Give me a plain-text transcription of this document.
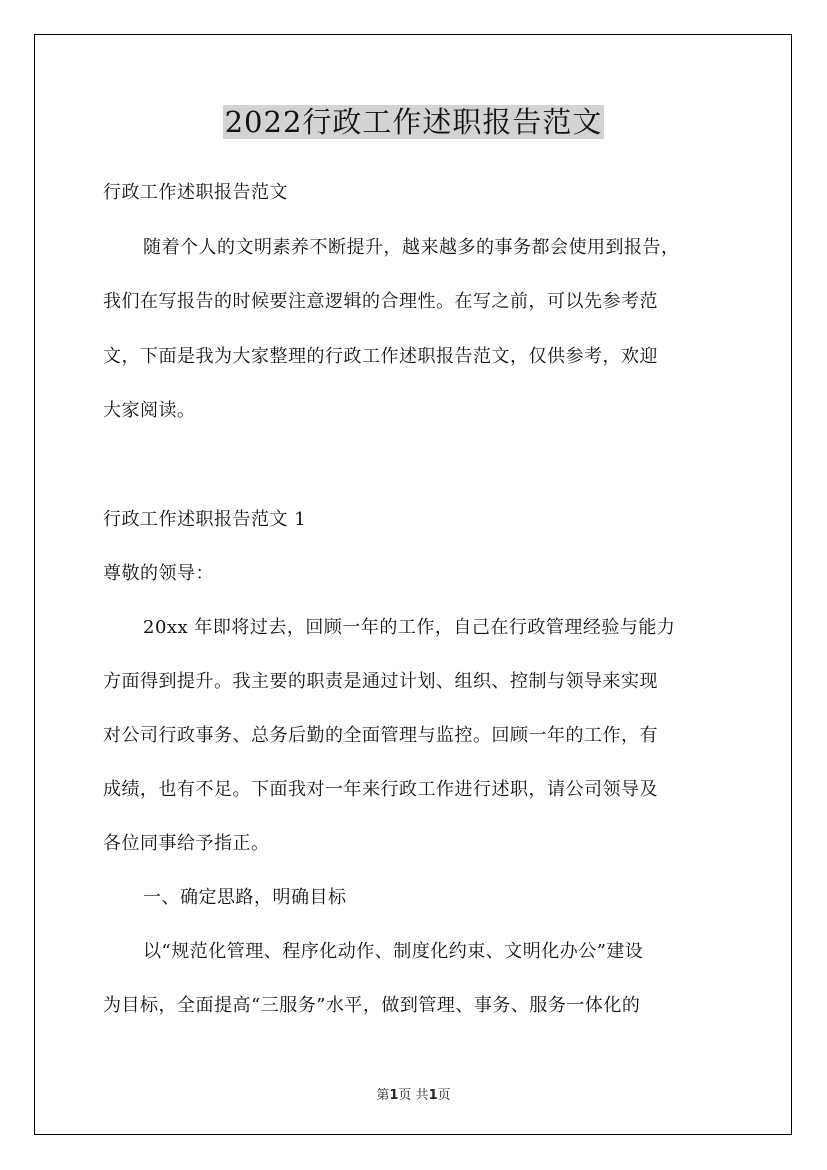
2022行政工作述职报告范文
行政工作述职报告范文
随着个人的文明素养不断提升，越来越多的事务都会使用到报告，
我们在写报告的时候要注意逻辑的合理性。在写之前，可以先参考范
文，下面是我为大家整理的行政工作述职报告范文，仅供参考，欢迎
大家阅读。
行政工作述职报告范文 1
尊敬的领导：
20xx 年即将过去，回顾一年的工作，自己在行政管理经验与能力
方面得到提升。我主要的职责是通过计划、组织、控制与领导来实现
对公司行政事务、总务后勤的全面管理与监控。回顾一年的工作，有
成绩，也有不足。下面我对一年来行政工作进行述职，请公司领导及
各位同事给予指正。
一、确定思路，明确目标
以“规范化管理、程序化动作、制度化约束、文明化办公”建设
为目标，全面提高“三服务”水平，做到管理、事务、服务一体化的
第1页 共1页
